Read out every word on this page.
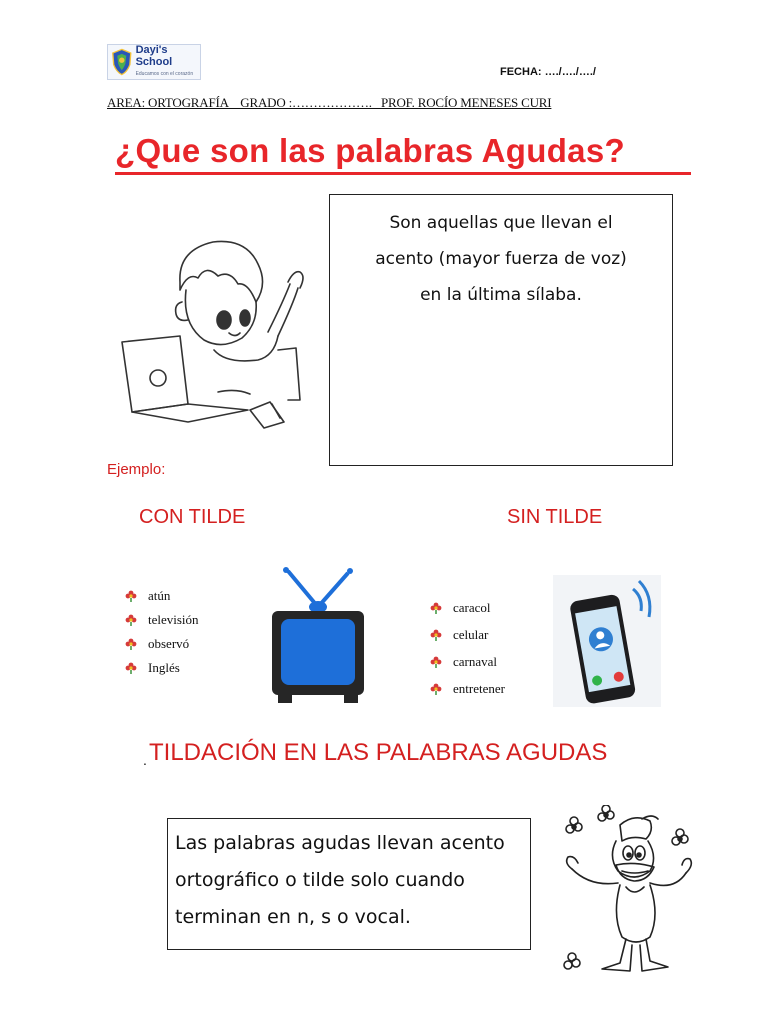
Dayi's School
Educamos con el corazón	FECHA: …./…./…./
AREA: ORTOGRAFÍA    GRADO :……………….   PROF. ROCÍO MENESES CURI
¿Que son las palabras Agudas?
Son aquellas que llevan el
acento (mayor fuerza de voz)
en la última sílaba.
Ejemplo:
CON TILDE	SIN TILDE
atún
televisión
observó
Inglés
caracol
celular
carnaval
entretener
. TILDACIÓN EN LAS PALABRAS AGUDAS
Las palabras agudas llevan acento
ortográfico o tilde solo cuando
terminan en n, s o vocal.
